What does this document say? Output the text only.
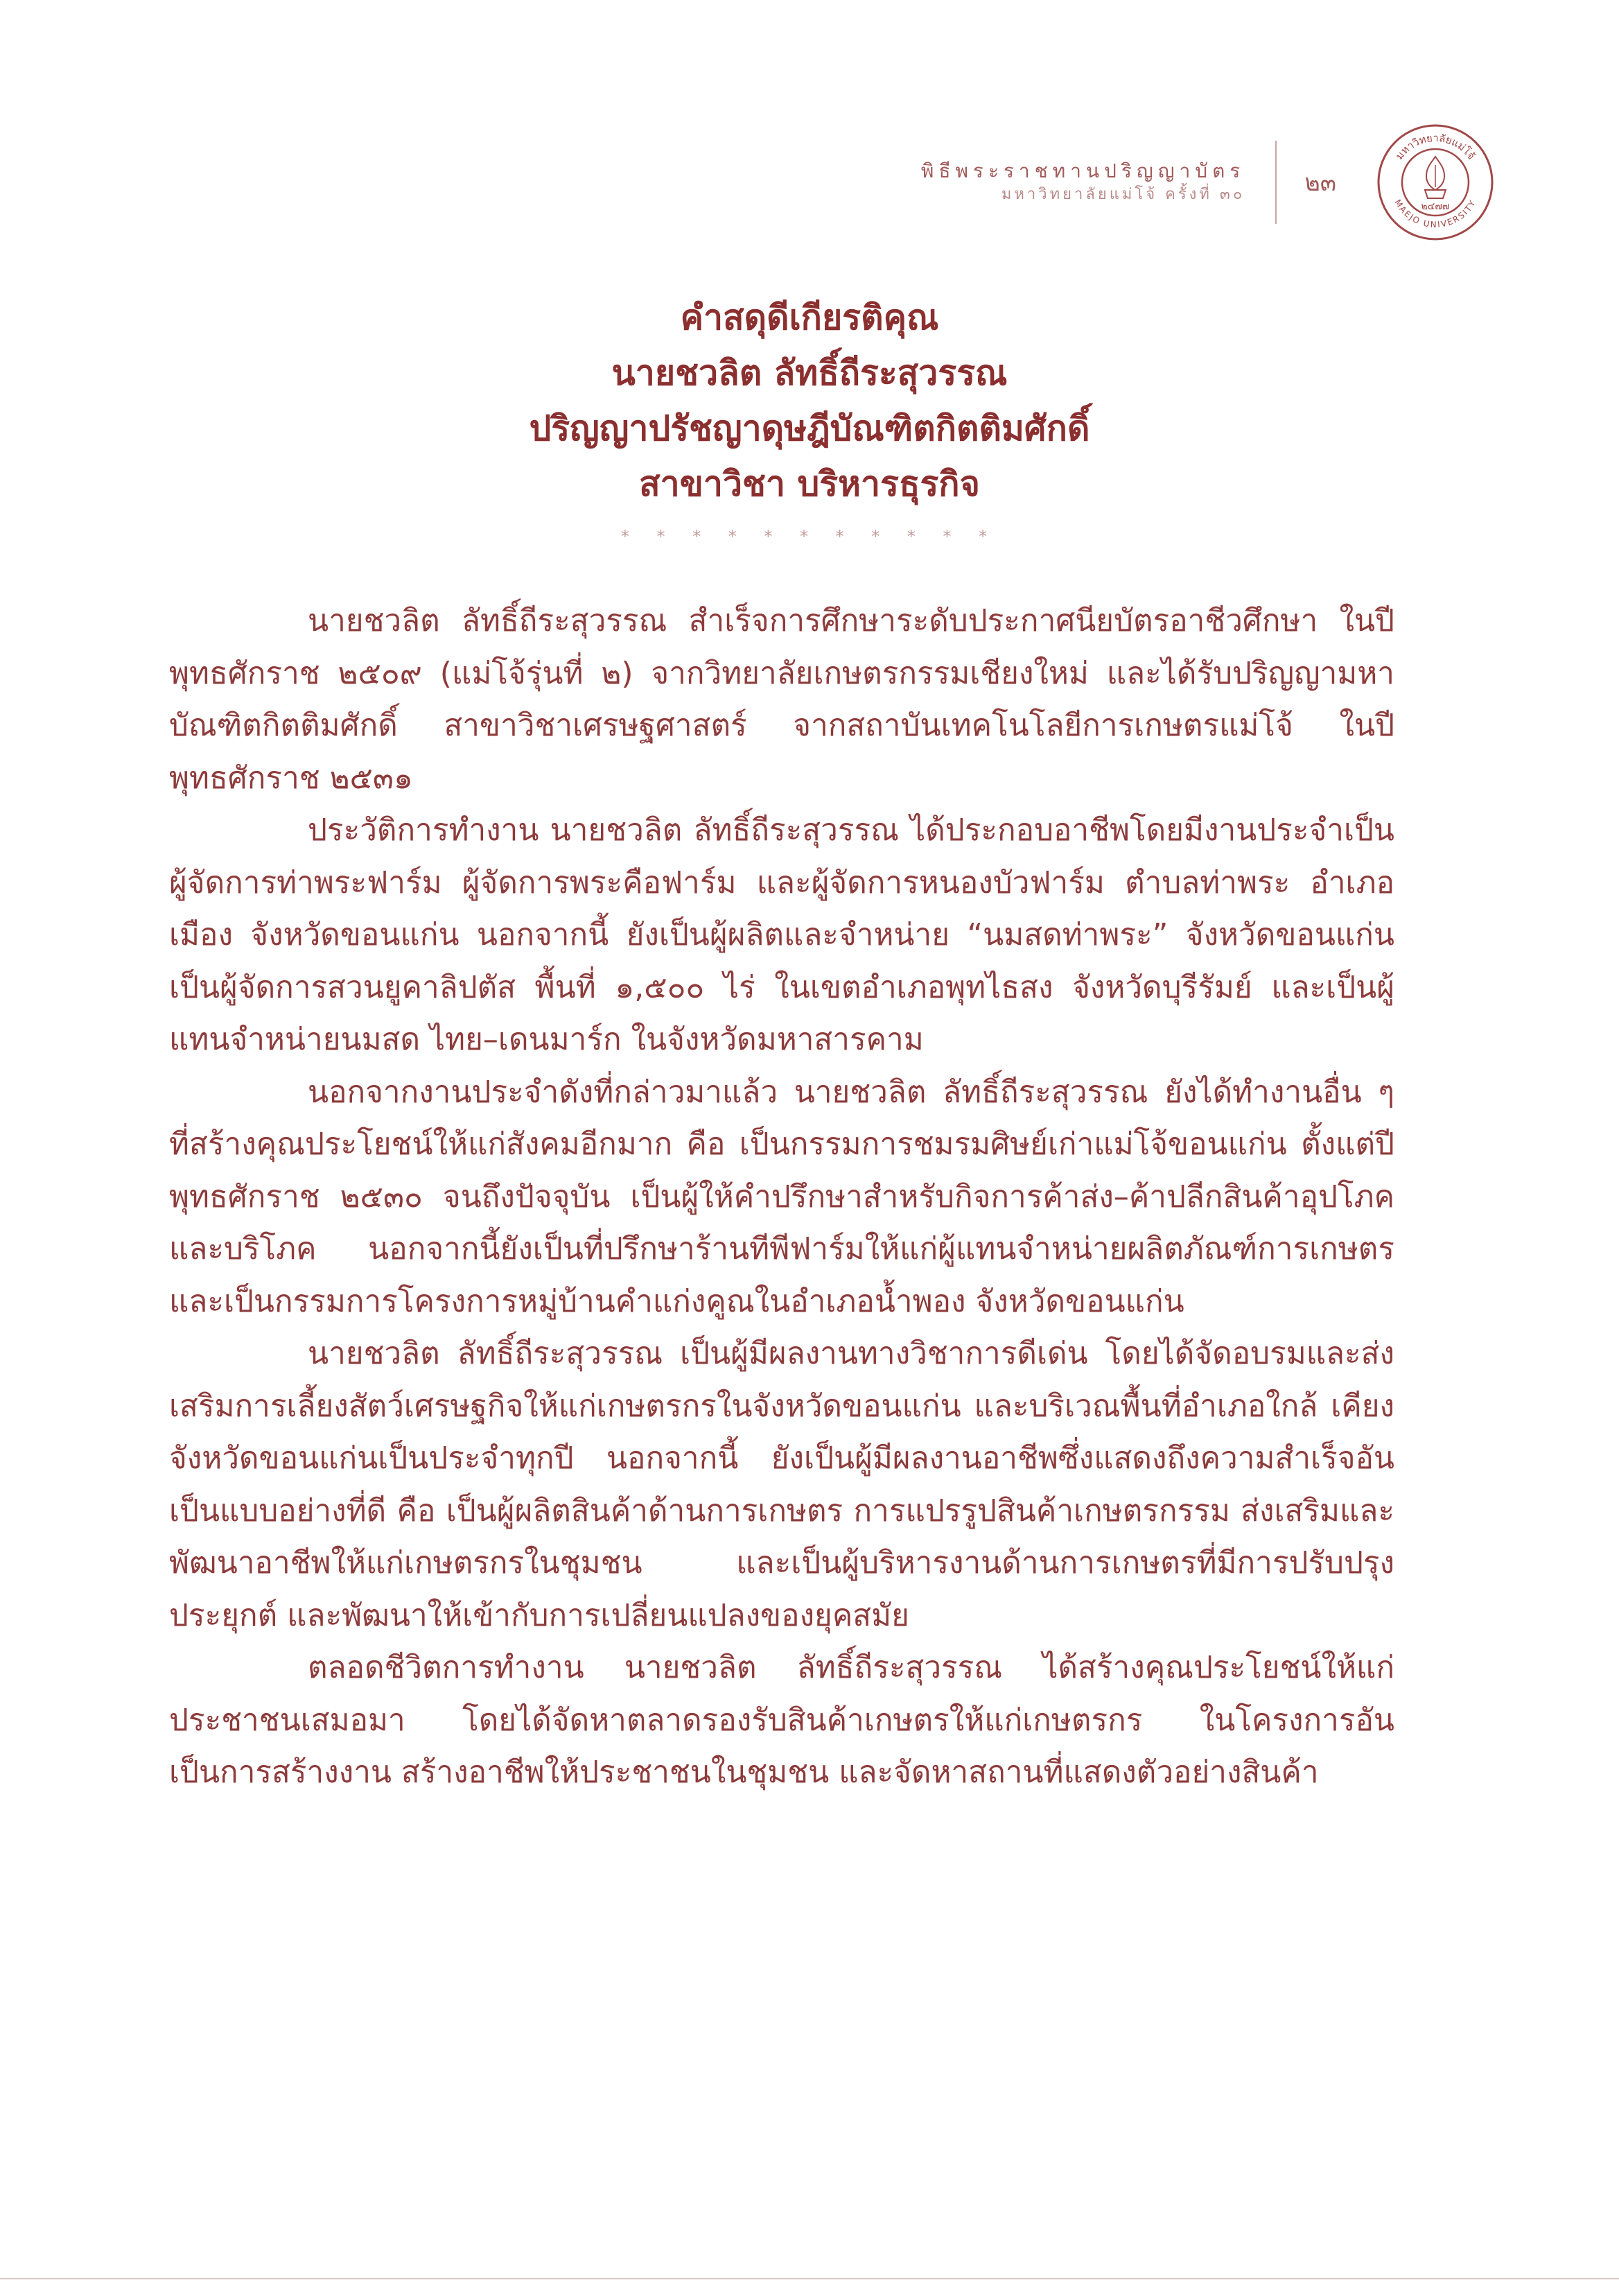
พิธีพระราชทานปริญญาบัตร
มหาวิทยาลัยแม่โจ้ ครั้งที่ ๓๐	๒๓
มหาวิทยาลัยแม่โจ้
MAEJO UNIVERSITY
๒๔๗๗
คำสดุดีเกียรติคุณ
นายชวลิต ลัทธิ์ถีระสุวรรณ
ปริญญาปรัชญาดุษฎีบัณฑิตกิตติมศักดิ์
สาขาวิชา บริหารธุรกิจ
* * * * * * * * * * *

นายชวลิต ลัทธิ์ถีระสุวรรณ สำเร็จการศึกษาระดับประกาศนียบัตรอาชีวศึกษา ในปีพุทธศักราช ๒๕๐๙ (แม่โจ้รุ่นที่ ๒) จากวิทยาลัยเกษตรกรรมเชียงใหม่ และได้รับปริญญามหาบัณฑิตกิตติมศักดิ์ สาขาวิชาเศรษฐศาสตร์ จากสถาบันเทคโนโลยีการเกษตรแม่โจ้ ในปีพุทธศักราช ๒๕๓๑

ประวัติการทำงาน นายชวลิต ลัทธิ์ถีระสุวรรณ ได้ประกอบอาชีพโดยมีงานประจำเป็นผู้จัดการท่าพระฟาร์ม ผู้จัดการพระคือฟาร์ม และผู้จัดการหนองบัวฟาร์ม ตำบลท่าพระ อำเภอเมือง จังหวัดขอนแก่น นอกจากนี้ ยังเป็นผู้ผลิตและจำหน่าย “นมสดท่าพระ” จังหวัดขอนแก่น เป็นผู้จัดการสวนยูคาลิปตัส พื้นที่ ๑,๕๐๐ ไร่ ในเขตอำเภอพุทไธสง จังหวัดบุรีรัมย์ และเป็นผู้แทนจำหน่ายนมสด ไทย–เดนมาร์ก ในจังหวัดมหาสารคาม

นอกจากงานประจำดังที่กล่าวมาแล้ว นายชวลิต ลัทธิ์ถีระสุวรรณ ยังได้ทำงานอื่น ๆ ที่สร้างคุณประโยชน์ให้แก่สังคมอีกมาก คือ เป็นกรรมการชมรมศิษย์เก่าแม่โจ้ขอนแก่น ตั้งแต่ปีพุทธศักราช ๒๕๓๐ จนถึงปัจจุบัน เป็นผู้ให้คำปรึกษาสำหรับกิจการค้าส่ง–ค้าปลีกสินค้าอุปโภคและบริโภค นอกจากนี้ยังเป็นที่ปรึกษาร้านทีพีฟาร์มให้แก่ผู้แทนจำหน่ายผลิตภัณฑ์การเกษตร และเป็นกรรมการโครงการหมู่บ้านคำแก่งคูณในอำเภอน้ำพอง จังหวัดขอนแก่น

นายชวลิต ลัทธิ์ถีระสุวรรณ เป็นผู้มีผลงานทางวิชาการดีเด่น โดยได้จัดอบรมและส่งเสริมการเลี้ยงสัตว์เศรษฐกิจให้แก่เกษตรกรในจังหวัดขอนแก่น และบริเวณพื้นที่อำเภอใกล้ เคียงจังหวัดขอนแก่นเป็นประจำทุกปี นอกจากนี้ ยังเป็นผู้มีผลงานอาชีพซึ่งแสดงถึงความสำเร็จอันเป็นแบบอย่างที่ดี คือ เป็นผู้ผลิตสินค้าด้านการเกษตร การแปรรูปสินค้าเกษตรกรรม ส่งเสริมและพัฒนาอาชีพให้แก่เกษตรกรในชุมชน และเป็นผู้บริหารงานด้านการเกษตรที่มีการปรับปรุง ประยุกต์ และพัฒนาให้เข้ากับการเปลี่ยนแปลงของยุคสมัย

ตลอดชีวิตการทำงาน นายชวลิต ลัทธิ์ถีระสุวรรณ ได้สร้างคุณประโยชน์ให้แก่ประชาชนเสมอมา โดยได้จัดหาตลาดรองรับสินค้าเกษตรให้แก่เกษตรกร ในโครงการอันเป็นการสร้างงาน สร้างอาชีพให้ประชาชนในชุมชน และจัดหาสถานที่แสดงตัวอย่างสินค้า
